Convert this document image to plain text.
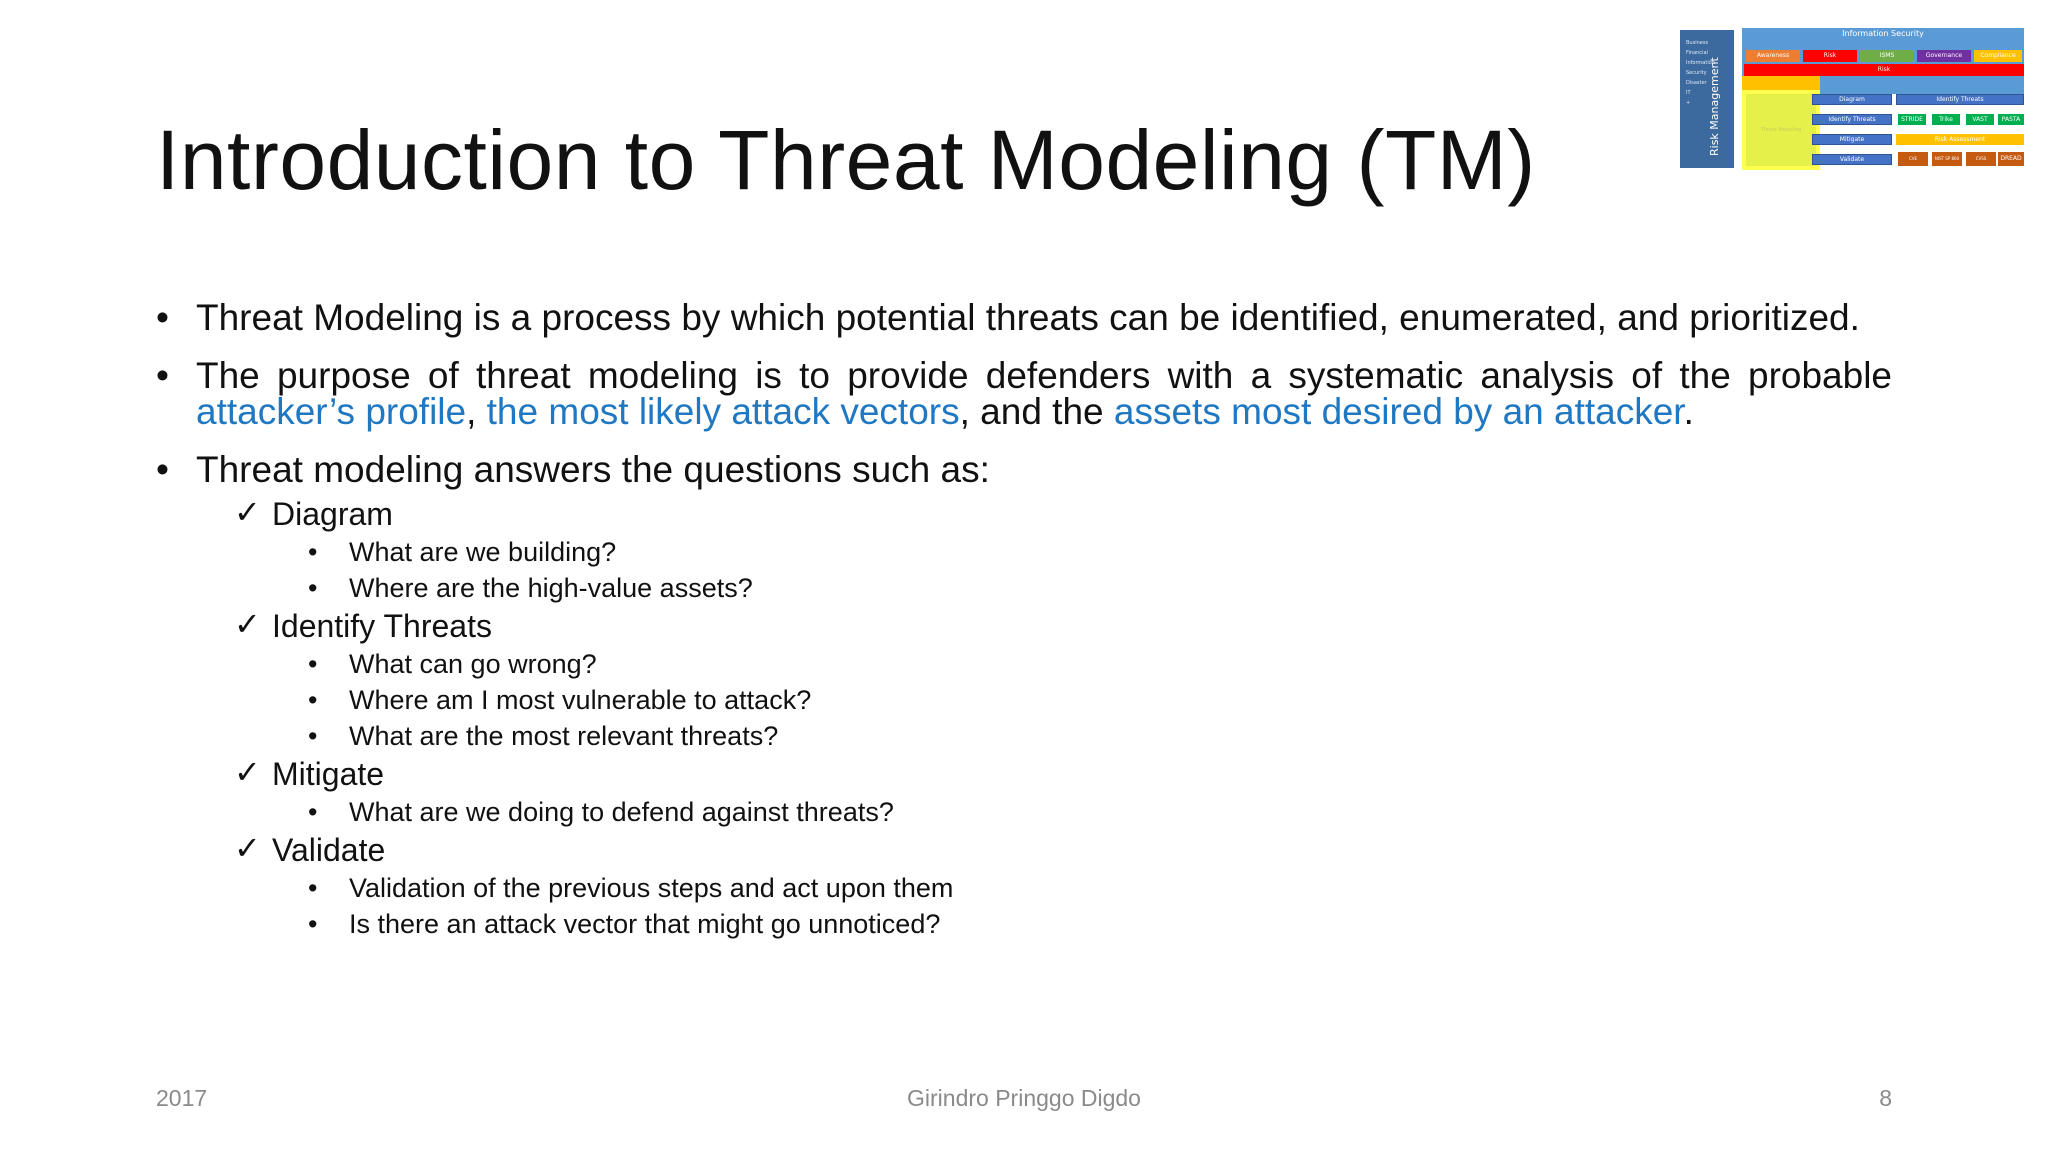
Introduction to Threat Modeling (TM)
Business
Financial
Information Security
Disaster
IT
+	Risk Management
Information Security
Awareness	Risk	ISMS	Governance	Compliance
Risk
Threat Modeling
Diagram
Identify Threats
Mitigate
Validate
Identify Threats
STRIDE	Trike	VAST	PASTA
Risk Assessment
CVE	NIST SP 800	CVSS	DREAD
• Threat Modeling is a process by which potential threats can be identified, enumerated, and prioritized.
• The purpose of threat modeling is to provide defenders with a systematic analysis of the probable attacker’s profile, the most likely attack vectors, and the assets most desired by an attacker.
• Threat modeling answers the questions such as:
✓ Diagram
• What are we building?
• Where are the high-value assets?
✓ Identify Threats
• What can go wrong?
• Where am I most vulnerable to attack?
• What are the most relevant threats?
✓ Mitigate
• What are we doing to defend against threats?
✓ Validate
• Validation of the previous steps and act upon them
• Is there an attack vector that might go unnoticed?
2017	Girindro Pringgo Digdo	8
